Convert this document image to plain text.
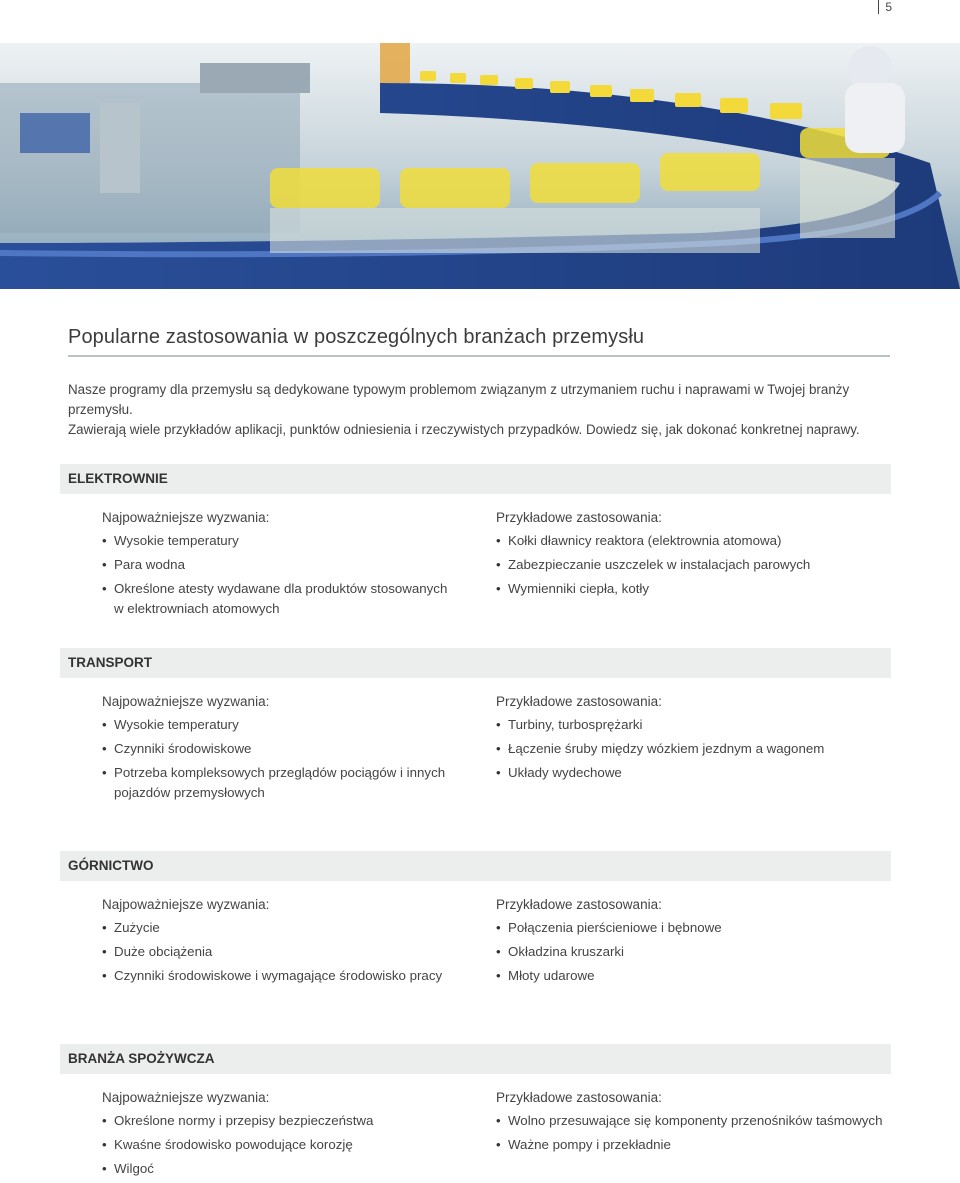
5
Popularne zastosowania w poszczególnych branżach przemysłu
Nasze programy dla przemysłu są dedykowane typowym problemom związanym z utrzymaniem ruchu i naprawami w Twojej branży przemysłu.
Zawierają wiele przykładów aplikacji, punktów odniesienia i rzeczywistych przypadków. Dowiedz się, jak dokonać konkretnej naprawy.
ELEKTROWNIE
Najpoważniejsze wyzwania:
• Wysokie temperatury
• Para wodna
• Określone atesty wydawane dla produktów stosowanych w elektrowniach atomowych
Przykładowe zastosowania:
• Kołki dławnicy reaktora (elektrownia atomowa)
• Zabezpieczanie uszczelek w instalacjach parowych
• Wymienniki ciepła, kotły
TRANSPORT
Najpoważniejsze wyzwania:
• Wysokie temperatury
• Czynniki środowiskowe
• Potrzeba kompleksowych przeglądów pociągów i innych pojazdów przemysłowych
Przykładowe zastosowania:
• Turbiny, turbosprężarki
• Łączenie śruby między wózkiem jezdnym a wagonem
• Układy wydechowe
GÓRNICTWO
Najpoważniejsze wyzwania:
• Zużycie
• Duże obciążenia
• Czynniki środowiskowe i wymagające środowisko pracy
Przykładowe zastosowania:
• Połączenia pierścieniowe i bębnowe
• Okładzina kruszarki
• Młoty udarowe
BRANŻA SPOŻYWCZA
Najpoważniejsze wyzwania:
• Określone normy i przepisy bezpieczeństwa
• Kwaśne środowisko powodujące korozję
• Wilgoć
Przykładowe zastosowania:
• Wolno przesuwające się komponenty przenośników taśmowych
• Ważne pompy i przekładnie
